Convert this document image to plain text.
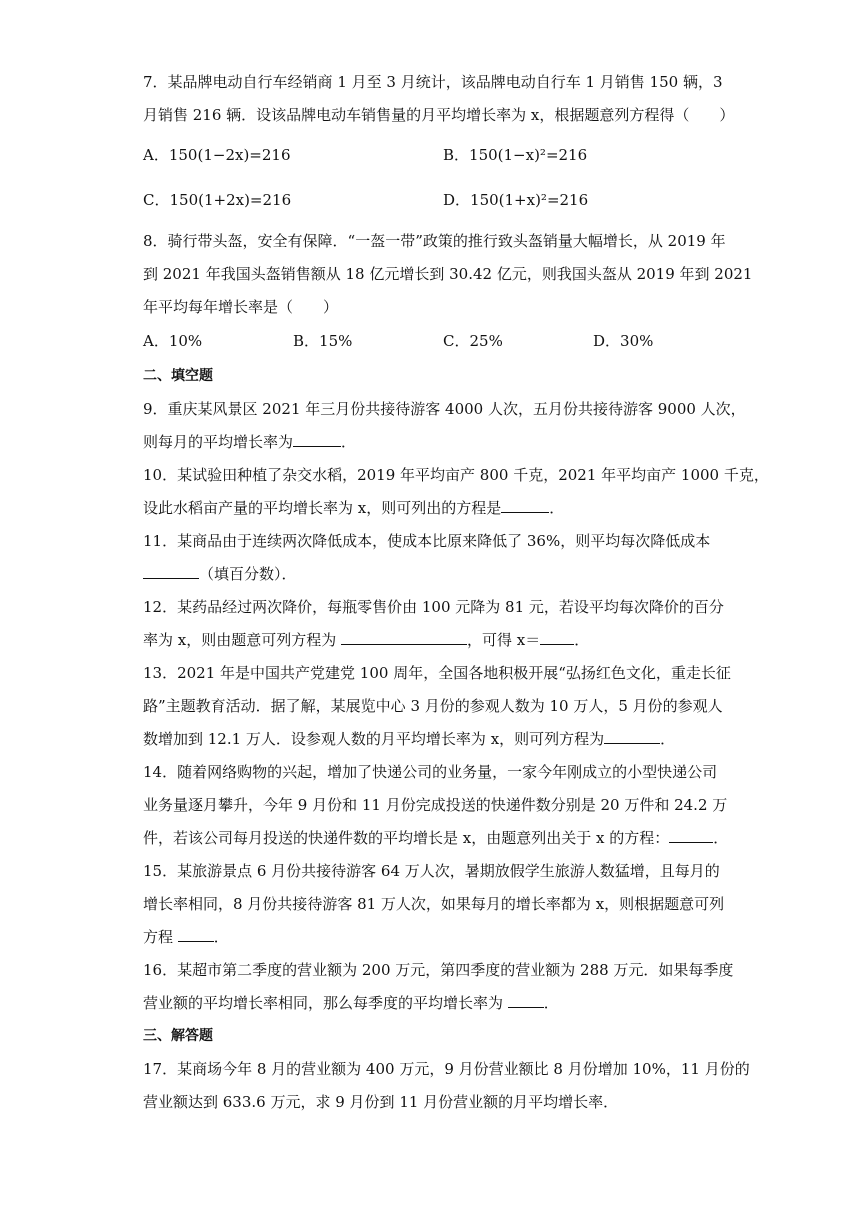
7．某品牌电动自行车经销商 1 月至 3 月统计，该品牌电动自行车 1 月销售 150 辆，3
月销售 216 辆．设该品牌电动车销售量的月平均增长率为 x，根据题意列方程得（　　）
A．150(1−2x)=216	B．150(1−x)²=216
C．150(1+2x)=216	D．150(1+x)²=216
8．骑行带头盔，安全有保障．“一盔一带”政策的推行致头盔销量大幅增长，从 2019 年
到 2021 年我国头盔销售额从 18 亿元增长到 30.42 亿元，则我国头盔从 2019 年到 2021
年平均每年增长率是（　　）
A．10%	B．15%	C．25%	D．30%
二、填空题
9．重庆某风景区 2021 年三月份共接待游客 4000 人次，五月份共接待游客 9000 人次，
则每月的平均增长率为	．
10．某试验田种植了杂交水稻，2019 年平均亩产 800 千克，2021 年平均亩产 1000 千克，
设此水稻亩产量的平均增长率为 x，则可列出的方程是	．
11．某商品由于连续两次降低成本，使成本比原来降低了 36%，则平均每次降低成本
（填百分数）．
12．某药品经过两次降价，每瓶零售价由 100 元降为 81 元，若设平均每次降价的百分
率为 x，则由题意可列方程为	，可得 x＝ ．
13．2021 年是中国共产党建党 100 周年，全国各地积极开展“弘扬红色文化，重走长征
路”主题教育活动．据了解，某展览中心 3 月份的参观人数为 10 万人，5 月份的参观人
数增加到 12.1 万人．设参观人数的月平均增长率为 x，则可列方程为	．
14．随着网络购物的兴起，增加了快递公司的业务量，一家今年刚成立的小型快递公司
业务量逐月攀升，今年 9 月份和 11 月份完成投送的快递件数分别是 20 万件和 24.2 万
件，若该公司每月投送的快递件数的平均增长是 x，由题意列出关于 x 的方程：	．
15．某旅游景点 6 月份共接待游客 64 万人次，暑期放假学生旅游人数猛增，且每月的
增长率相同，8 月份共接待游客 81 万人次，如果每月的增长率都为 x，则根据题意可列
方程	．
16．某超市第二季度的营业额为 200 万元，第四季度的营业额为 288 万元．如果每季度
营业额的平均增长率相同，那么每季度的平均增长率为	．
三、解答题
17．某商场今年 8 月的营业额为 400 万元，9 月份营业额比 8 月份增加 10%，11 月份的
营业额达到 633.6 万元，求 9 月份到 11 月份营业额的月平均增长率．
